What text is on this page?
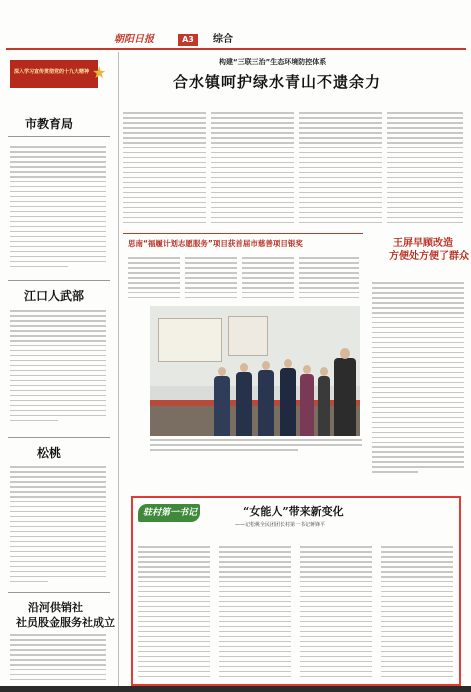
朝阳日报	A3	综合
深入学习宣传贯彻党的十九大精神 ★
市教育局
江口人武部
松桃
沿河供销社
社员股金服务社成立
构建“三联三治”生态环境防控体系
合水镇呵护绿水青山不遗余力
思南“福履计划志愿服务”项目获首届市慈善项目银奖	王屏早顾改造
方便处方便了群众
驻村第一书记	“女能人”带来新变化
——记松桃全民团团长村第一书记蒋锋平
